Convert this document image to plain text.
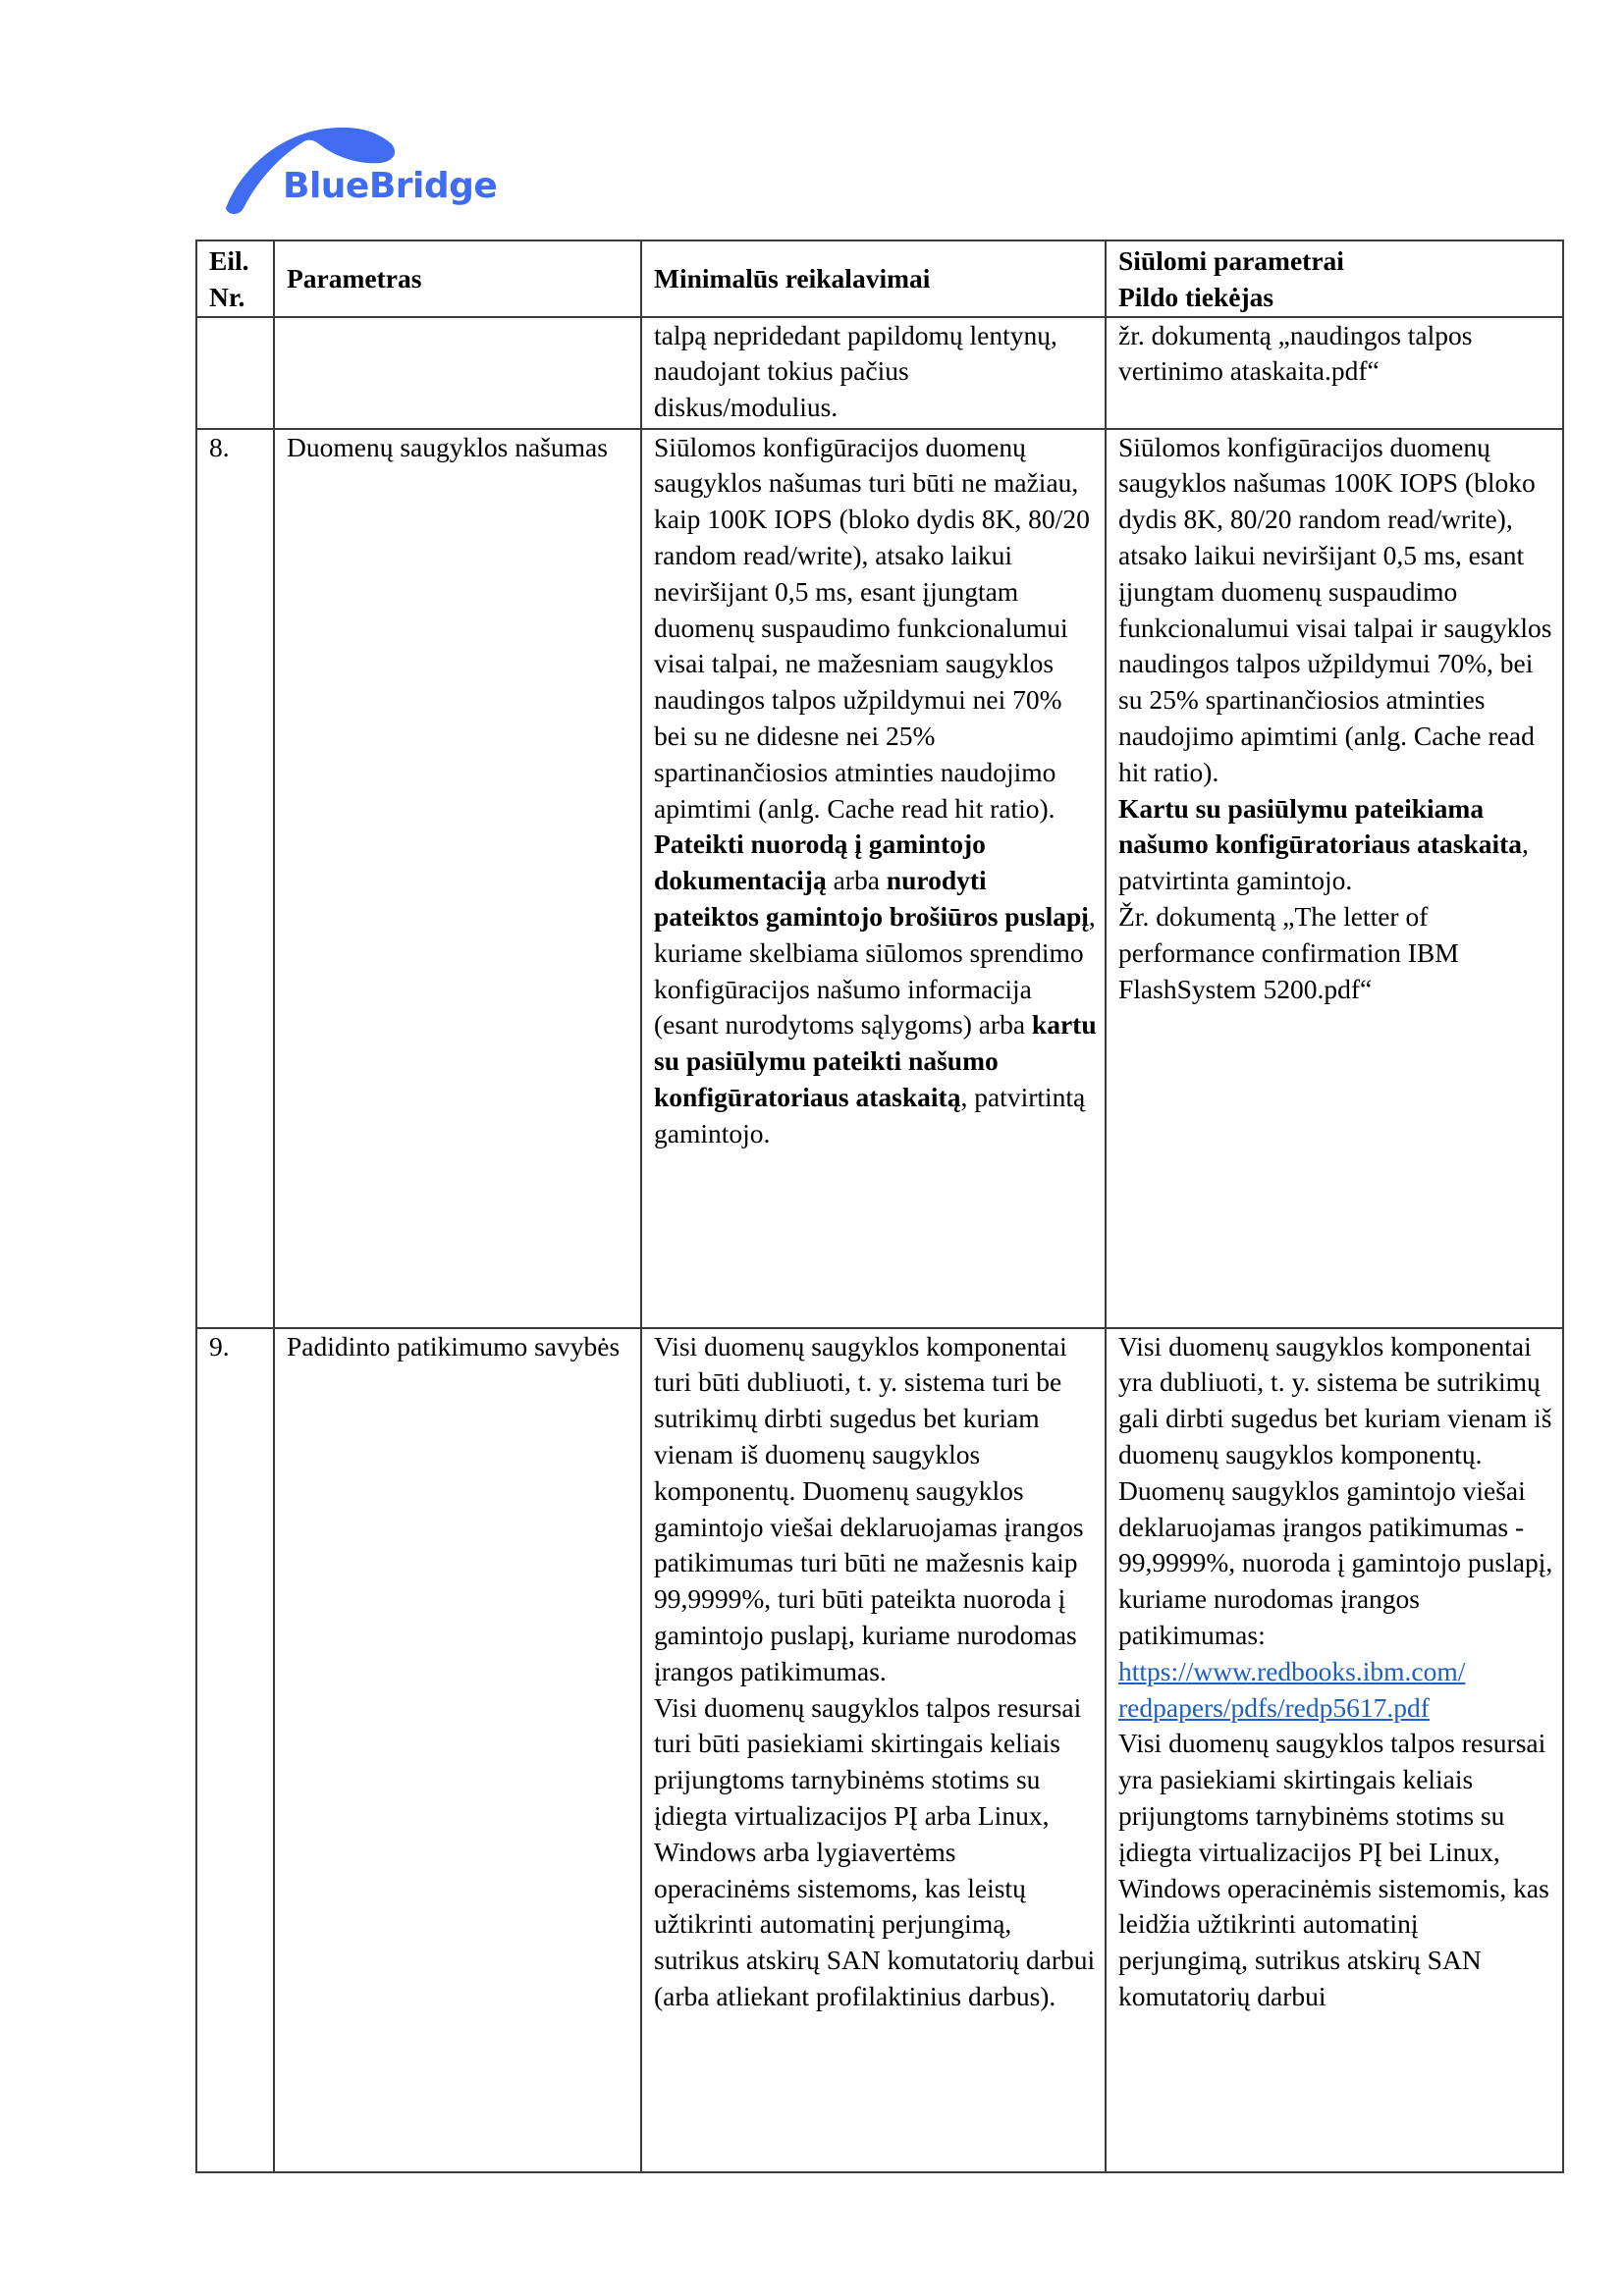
BlueBridge
Eil.
Nr.	Parametras	Minimalūs reikalavimai	Siūlomi parametrai
Pildo tiekėjas
		talpą nepridedant papildomų lentynų, naudojant tokius pačius diskus/modulius.	žr. dokumentą „naudingos talpos vertinimo ataskaita.pdf“
8.	Duomenų saugyklos našumas	Siūlomos konfigūracijos duomenų saugyklos našumas turi būti ne mažiau, kaip 100K IOPS (bloko dydis 8K, 80/20 random read/write), atsako laikui neviršijant 0,5 ms, esant įjungtam duomenų suspaudimo funkcionalumui visai talpai, ne mažesniam saugyklos naudingos talpos užpildymui nei 70% bei su ne didesne nei 25% spartinančiosios atminties naudojimo apimtimi (anlg. Cache read hit ratio).
Pateikti nuorodą į gamintojo dokumentaciją arba nurodyti pateiktos gamintojo brošiūros puslapį, kuriame skelbiama siūlomos sprendimo konfigūracijos našumo informacija (esant nurodytoms sąlygoms) arba kartu su pasiūlymu pateikti našumo konfigūratoriaus ataskaitą, patvirtintą gamintojo.	Siūlomos konfigūracijos duomenų saugyklos našumas 100K IOPS (bloko dydis 8K, 80/20 random read/write), atsako laikui neviršijant 0,5 ms, esant įjungtam duomenų suspaudimo funkcionalumui visai talpai ir saugyklos naudingos talpos užpildymui 70%, bei su 25% spartinančiosios atminties naudojimo apimtimi (anlg. Cache read hit ratio).
Kartu su pasiūlymu pateikiama našumo konfigūratoriaus ataskaita, patvirtinta gamintojo.
Žr. dokumentą „The letter of performance confirmation IBM FlashSystem 5200.pdf“
9.	Padidinto patikimumo savybės	Visi duomenų saugyklos komponentai turi būti dubliuoti, t. y. sistema turi be sutrikimų dirbti sugedus bet kuriam vienam iš duomenų saugyklos komponentų. Duomenų saugyklos gamintojo viešai deklaruojamas įrangos patikimumas turi būti ne mažesnis kaip 99,9999%, turi būti pateikta nuoroda į gamintojo puslapį, kuriame nurodomas įrangos patikimumas.
Visi duomenų saugyklos talpos resursai turi būti pasiekiami skirtingais keliais prijungtoms tarnybinėms stotims su įdiegta virtualizacijos PĮ arba Linux, Windows arba lygiavertėms operacinėms sistemoms, kas leistų užtikrinti automatinį perjungimą, sutrikus atskirų SAN komutatorių darbui (arba atliekant profilaktinius darbus).	Visi duomenų saugyklos komponentai yra dubliuoti, t. y. sistema be sutrikimų gali dirbti sugedus bet kuriam vienam iš duomenų saugyklos komponentų. Duomenų saugyklos gamintojo viešai deklaruojamas įrangos patikimumas - 99,9999%, nuoroda į gamintojo puslapį, kuriame nurodomas įrangos patikimumas:
https://www.redbooks.ibm.com/
redpapers/pdfs/redp5617.pdf
Visi duomenų saugyklos talpos resursai yra pasiekiami skirtingais keliais prijungtoms tarnybinėms stotims su įdiegta virtualizacijos PĮ bei Linux, Windows operacinėmis sistemomis, kas leidžia užtikrinti automatinį perjungimą, sutrikus atskirų SAN komutatorių darbui
